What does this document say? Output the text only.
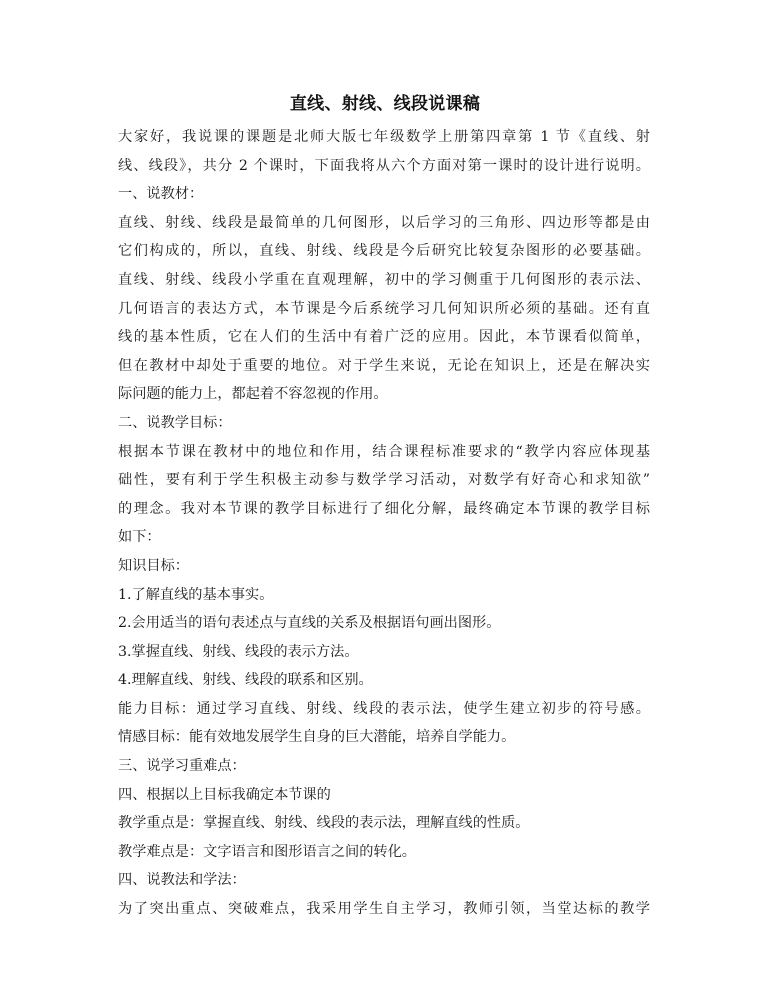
直线、射线、线段说课稿
大家好，我说课的课题是北师大版七年级数学上册第四章第 1 节《直线、射
线、线段》，共分 2 个课时，下面我将从六个方面对第一课时的设计进行说明。
一、说教材：
直线、射线、线段是最简单的几何图形，以后学习的三角形、四边形等都是由
它们构成的，所以，直线、射线、线段是今后研究比较复杂图形的必要基础。
直线、射线、线段小学重在直观理解，初中的学习侧重于几何图形的表示法、
几何语言的表达方式，本节课是今后系统学习几何知识所必须的基础。还有直
线的基本性质，它在人们的生活中有着广泛的应用。因此，本节课看似简单，
但在教材中却处于重要的地位。对于学生来说，无论在知识上，还是在解决实
际问题的能力上，都起着不容忽视的作用。
二、说教学目标：
根据本节课在教材中的地位和作用，结合课程标准要求的“教学内容应体现基
础性，要有利于学生积极主动参与数学学习活动，对数学有好奇心和求知欲”
的理念。我对本节课的教学目标进行了细化分解，最终确定本节课的教学目标
如下：
知识目标：
1.了解直线的基本事实。
2.会用适当的语句表述点与直线的关系及根据语句画出图形。
3.掌握直线、射线、线段的表示方法。
4.理解直线、射线、线段的联系和区别。
能力目标：通过学习直线、射线、线段的表示法，使学生建立初步的符号感。
情感目标：能有效地发展学生自身的巨大潜能，培养自学能力。
三、说学习重难点：
四、根据以上目标我确定本节课的
教学重点是：掌握直线、射线、线段的表示法，理解直线的性质。
教学难点是：文字语言和图形语言之间的转化。
四、说教法和学法：
为了突出重点、突破难点，我采用学生自主学习，教师引领，当堂达标的教学
